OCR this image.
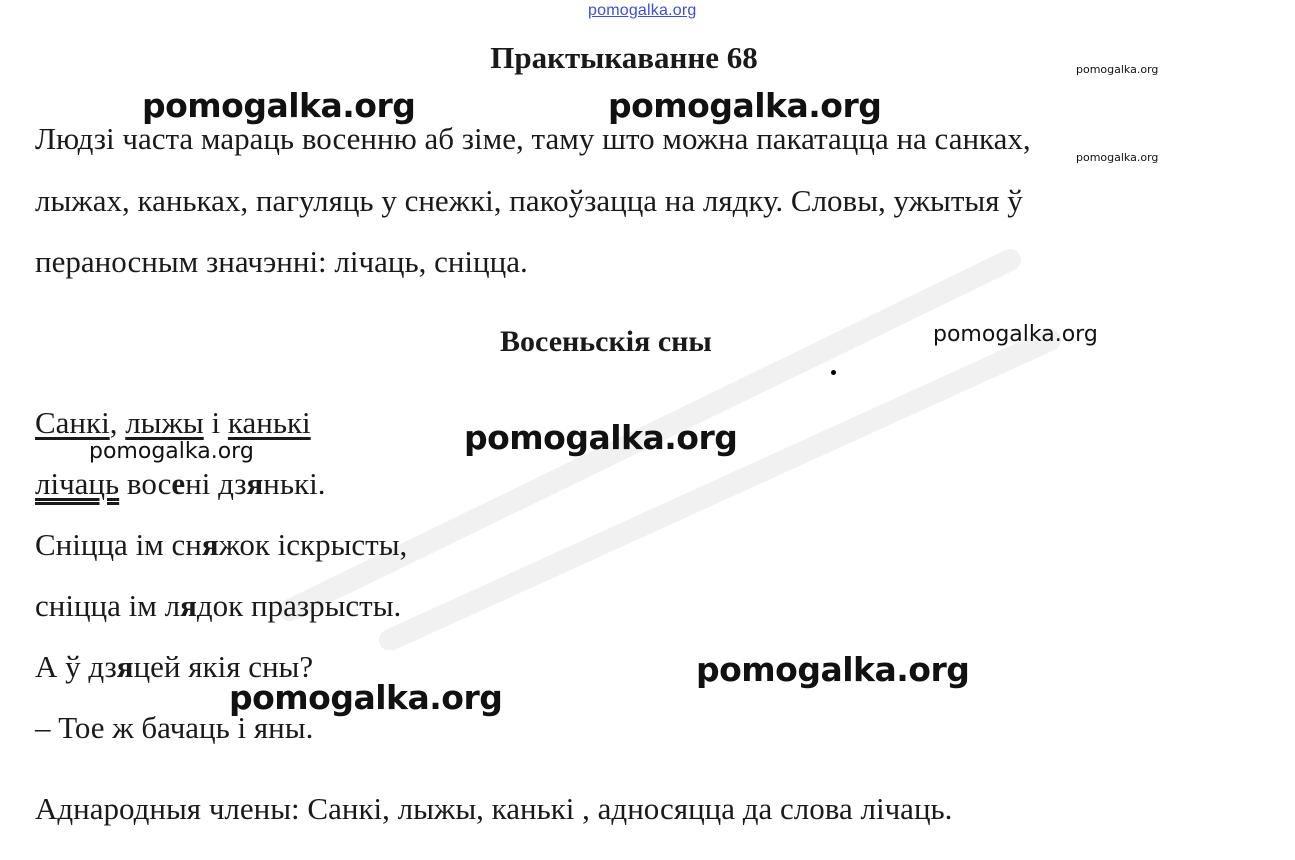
pomogalka.org
pomogalka.org	pomogalka.org
pomogalka.org
pomogalka.org
pomogalka.org
pomogalka.org
pomogalka.org
pomogalka.org
pomogalka.org
Практыкаванне 68
Людзі часта мараць восенню аб зіме, таму што можна пакатацца на санках,
лыжах, каньках, пагуляць у снежкі, пакоўзацца на лядку. Словы, ужытыя ў
пераносным значэнні: лічаць, сніцца.
Восеньскія сны
Санкі, лыжы і канькі
лічаць восені дзянькі.
Сніцца ім сняжок іскрысты,
сніцца ім лядок празрысты.
А ў дзяцей якія сны?
– Тое ж бачаць і яны.
Аднародныя члены: Санкі, лыжы, канькі , адносяцца да слова лічаць.
